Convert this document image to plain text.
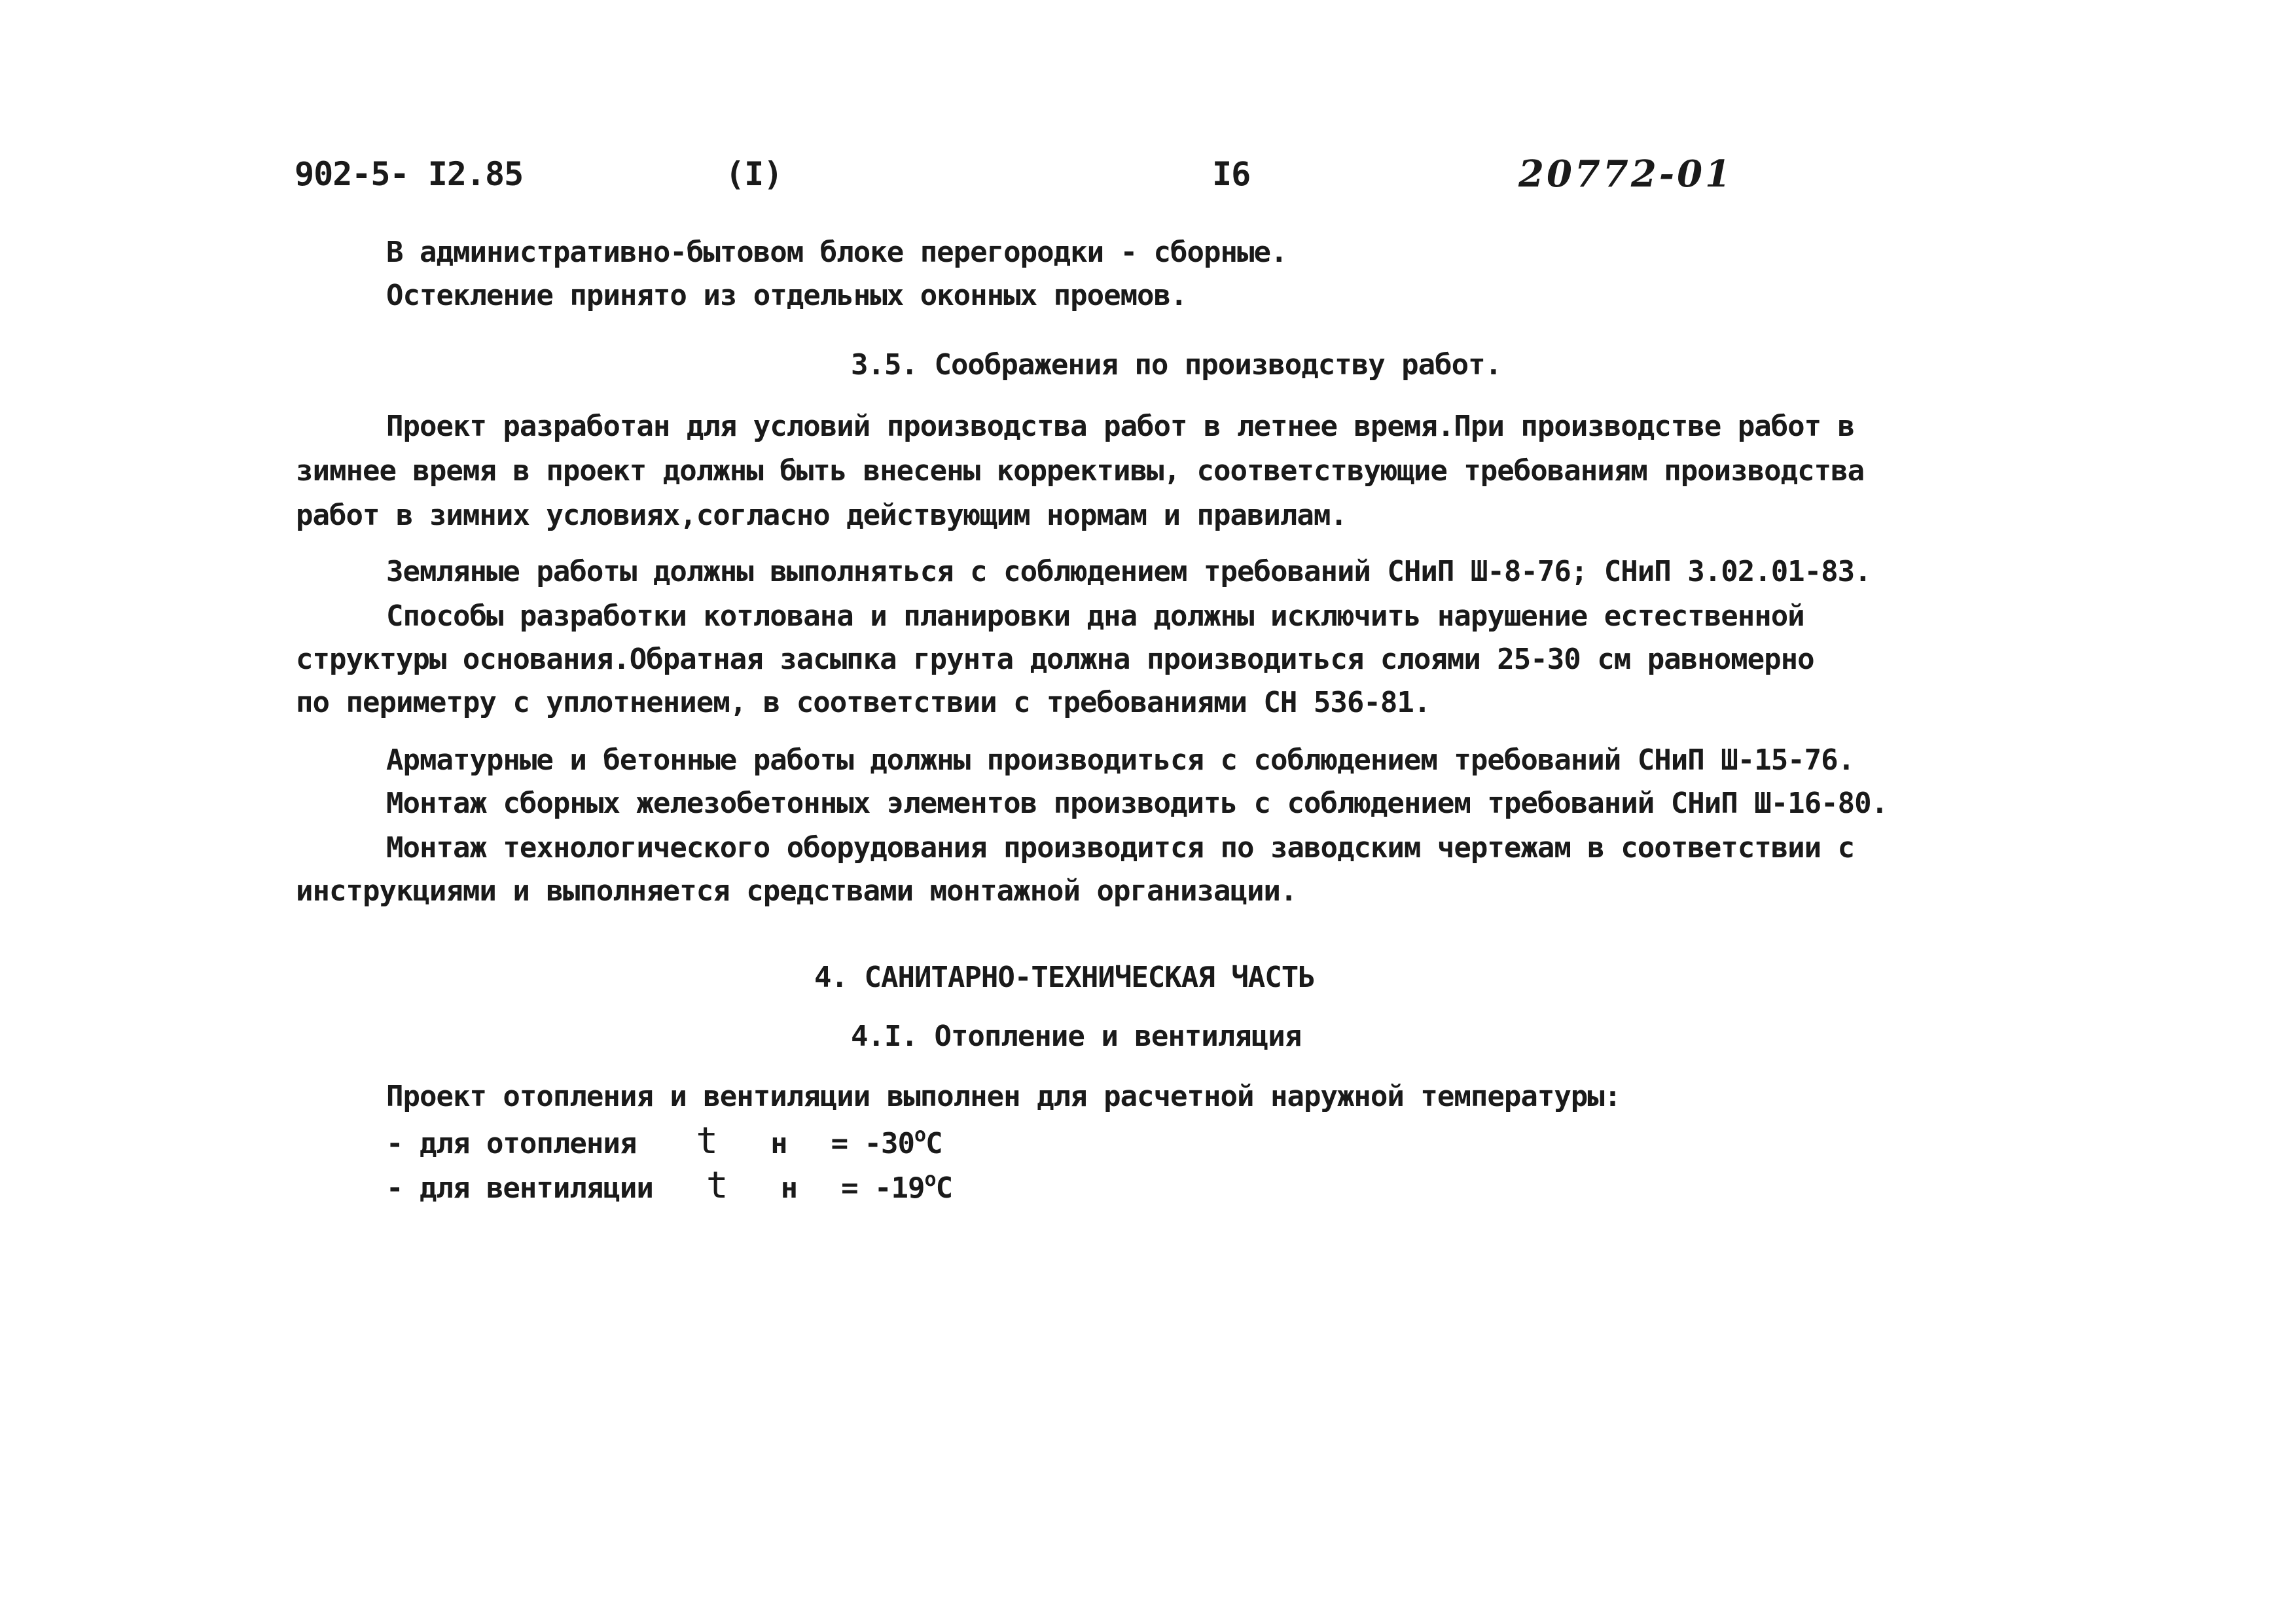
902-5- I2.85	(I)	I6	20772-01
В административно-бытовом блоке перегородки - сборные.
Остекление принято из отдельных оконных проемов.
3.5. Соображения по производству работ.
Проект разработан для условий производства работ в летнее время.При производстве работ в
зимнее время в проект должны быть внесены коррективы, соответствующие требованиям производства
работ в зимних условиях,согласно действующим нормам и правилам.
Земляные работы должны выполняться с соблюдением требований СНиП Ш-8-76; СНиП 3.02.01-83.
Способы разработки котлована и планировки дна должны исключить нарушение естественной
структуры основания.Обратная засыпка грунта должна производиться слоями 25-30 см равномерно
по периметру с уплотнением, в соответствии с требованиями СН 536-81.
Арматурные и бетонные работы должны производиться с соблюдением требований СНиП Ш-15-76.
Монтаж сборных железобетонных элементов производить с соблюдением требований СНиП Ш-16-80.
Монтаж технологического оборудования производится по заводским чертежам в соответствии с
инструкциями и выполняется средствами монтажной организации.
4. САНИТАРНО-ТЕХНИЧЕСКАЯ ЧАСТЬ
4.I. Отопление и вентиляция
Проект отопления и вентиляции выполнен для расчетной наружной температуры:
- для отопления t $н = -30^oC$
- для вентиляции t $н = -19^oC$
